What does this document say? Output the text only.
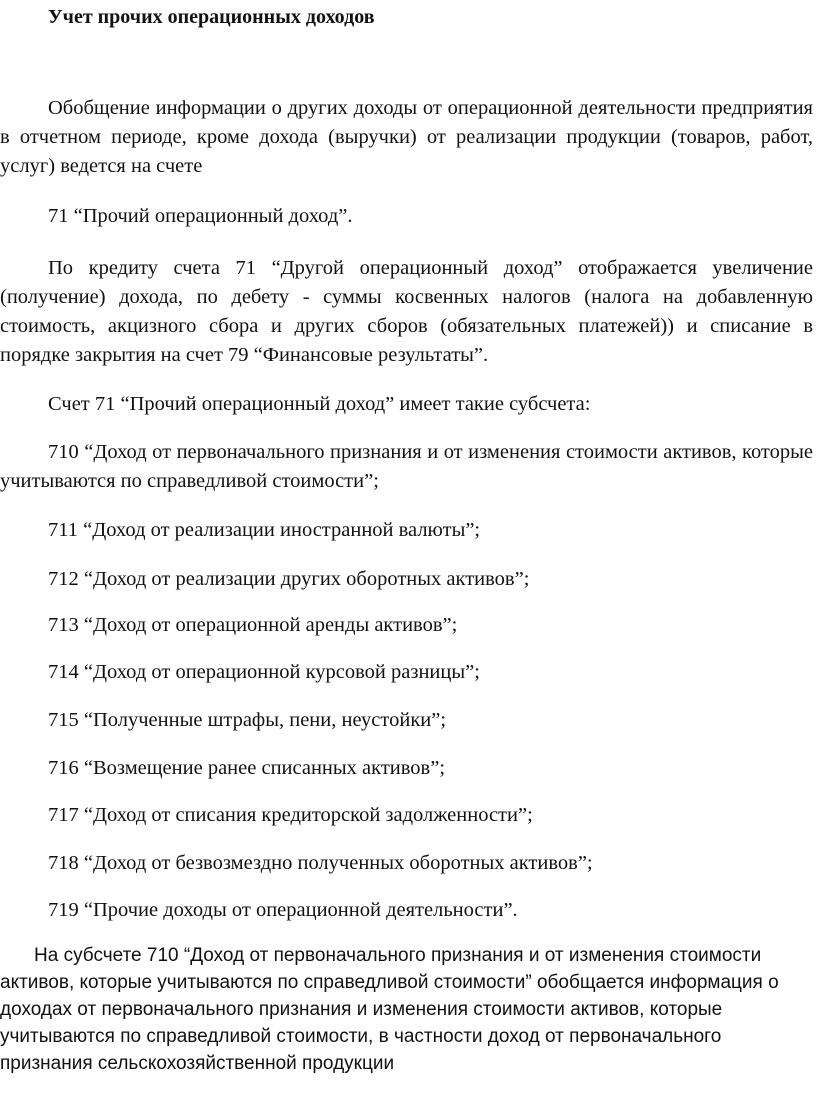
Учет прочих операционных доходов

Обобщение информации о других доходы от операционной деятельности предприятия в отчетном периоде, кроме дохода (выручки) от реализации продукции (товаров, работ, услуг) ведется на счете

71 “Прочий операционный доход”.

По кредиту счета 71 “Другой операционный доход” отображается увеличение (получение) дохода, по дебету - суммы косвенных налогов (налога на добавленную стоимость, акцизного сбора и других сборов (обязательных платежей)) и списание в порядке закрытия на счет 79 “Финансовые результаты”.

Счет 71 “Прочий операционный доход” имеет такие субсчета:

710 “Доход от первоначального признания и от изменения стоимости активов, которые учитываются по справедливой стоимости”;

711 “Доход от реализации иностранной валюты”;

712 “Доход от реализации других оборотных активов”;

713 “Доход от операционной аренды активов”;

714 “Доход от операционной курсовой разницы”;

715 “Полученные штрафы, пени, неустойки”;

716 “Возмещение ранее списанных активов”;

717 “Доход от списания кредиторской задолженности”;

718 “Доход от безвозмездно полученных оборотных активов”;

719 “Прочие доходы от операционной деятельности”.

На субсчете 710 “Доход от первоначального признания и от изменения стоимости активов, которые учитываются по справедливой стоимости” обобщается информация о доходах от первоначального признания и изменения стоимости активов, которые учитываются по справедливой стоимости, в частности доход от первоначального признания сельскохозяйственной продукции
